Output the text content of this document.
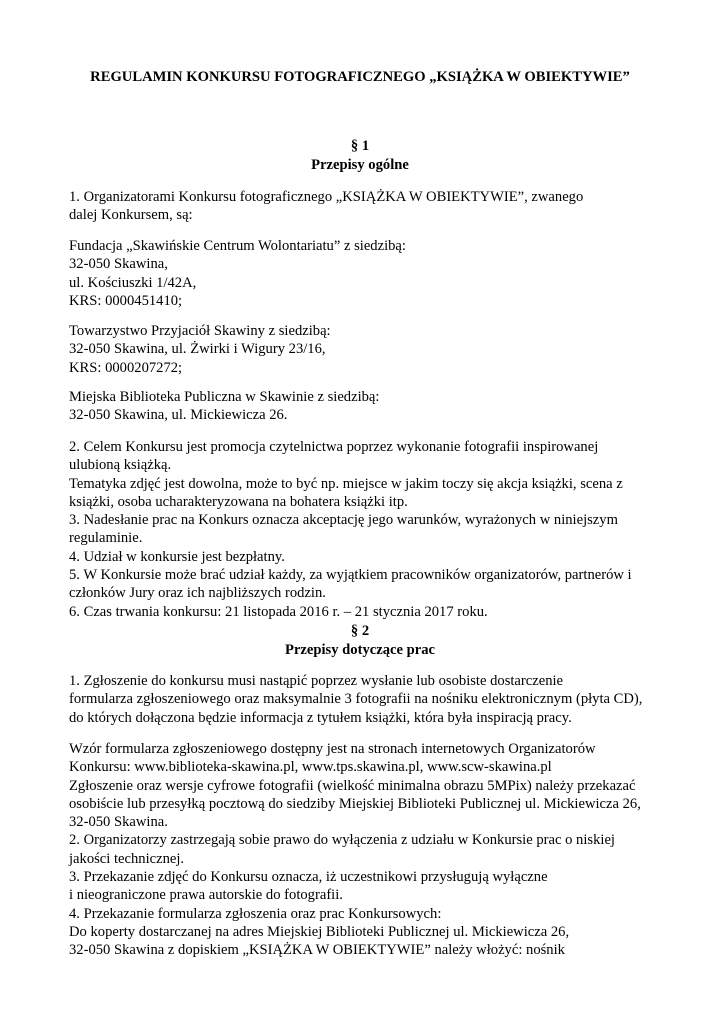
REGULAMIN KONKURSU FOTOGRAFICZNEGO „KSIĄŻKA W OBIEKTYWIE”
§ 1
Przepisy ogólne
1. Organizatorami Konkursu fotograficznego „KSIĄŻKA W OBIEKTYWIE”, zwanego
dalej Konkursem, są:
Fundacja „Skawińskie Centrum Wolontariatu” z siedzibą:
32-050 Skawina,
ul. Kościuszki 1/42A,
KRS: 0000451410;
Towarzystwo Przyjaciół Skawiny z siedzibą:
32-050 Skawina, ul. Żwirki i Wigury 23/16,
KRS: 0000207272;
Miejska Biblioteka Publiczna w Skawinie z siedzibą:
32-050 Skawina, ul. Mickiewicza 26.
2. Celem Konkursu jest promocja czytelnictwa poprzez wykonanie fotografii inspirowanej
ulubioną książką.
Tematyka zdjęć jest dowolna, może to być np. miejsce w jakim toczy się akcja książki, scena z
książki, osoba ucharakteryzowana na bohatera książki itp.
3. Nadesłanie prac na Konkurs oznacza akceptację jego warunków, wyrażonych w niniejszym
regulaminie.
4. Udział w konkursie jest bezpłatny.
5. W Konkursie może brać udział każdy, za wyjątkiem pracowników organizatorów, partnerów i
członków Jury oraz ich najbliższych rodzin.
6. Czas trwania konkursu: 21 listopada 2016 r. – 21 stycznia 2017 roku.
§ 2
Przepisy dotyczące prac
1. Zgłoszenie do konkursu musi nastąpić poprzez wysłanie lub osobiste dostarczenie
formularza zgłoszeniowego oraz maksymalnie 3 fotografii na nośniku elektronicznym (płyta CD),
do których dołączona będzie informacja z tytułem książki, która była inspiracją pracy.
Wzór formularza zgłoszeniowego dostępny jest na stronach internetowych Organizatorów
Konkursu: www.biblioteka-skawina.pl, www.tps.skawina.pl, www.scw-skawina.pl
Zgłoszenie oraz wersje cyfrowe fotografii (wielkość minimalna obrazu 5MPix) należy przekazać
osobiście lub przesyłką pocztową do siedziby Miejskiej Biblioteki Publicznej ul. Mickiewicza 26,
32-050 Skawina.
2. Organizatorzy zastrzegają sobie prawo do wyłączenia z udziału w Konkursie prac o niskiej
jakości technicznej.
3. Przekazanie zdjęć do Konkursu oznacza, iż uczestnikowi przysługują wyłączne
i nieograniczone prawa autorskie do fotografii.
4. Przekazanie formularza zgłoszenia oraz prac Konkursowych:
Do koperty dostarczanej na adres Miejskiej Biblioteki Publicznej ul. Mickiewicza 26,
32-050 Skawina z dopiskiem „KSIĄŻKA W OBIEKTYWIE” należy włożyć: nośnik
